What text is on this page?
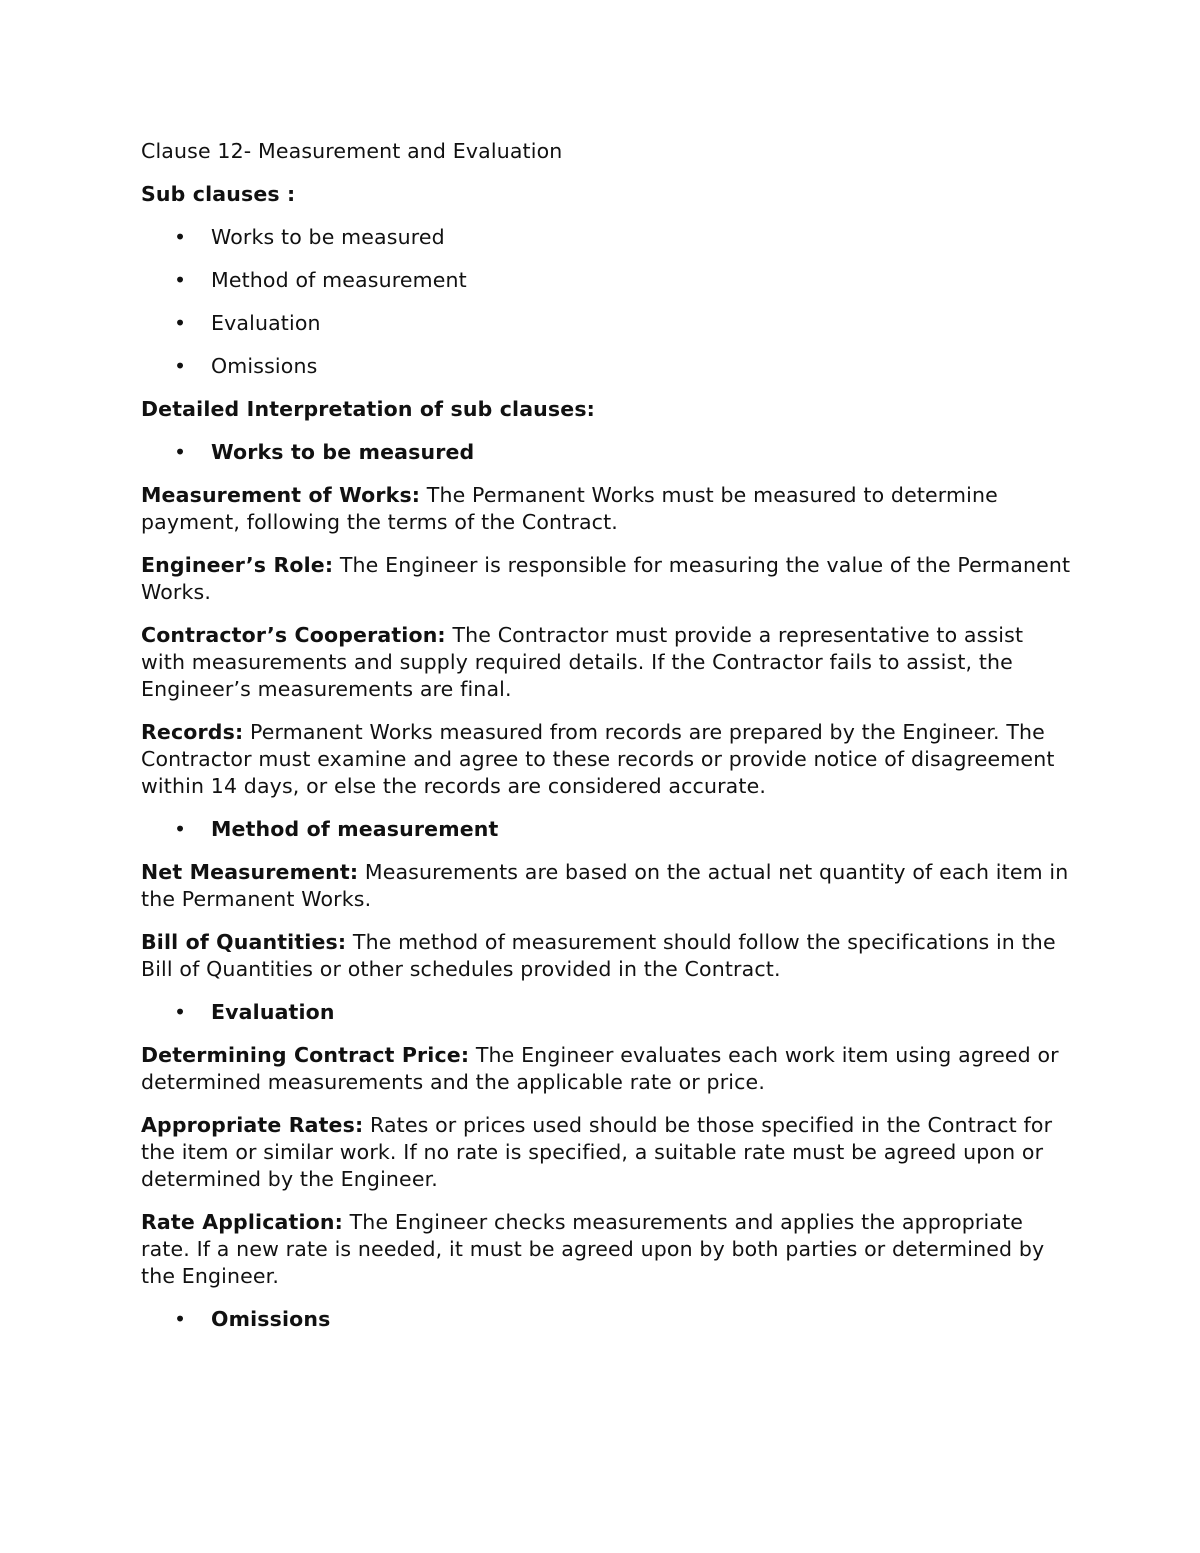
Clause 12- Measurement and Evaluation
Sub clauses :
• Works to be measured
• Method of measurement
• Evaluation
• Omissions
Detailed Interpretation of sub clauses:
• Works to be measured

Measurement of Works: The Permanent Works must be measured to determine payment, following the terms of the Contract.

Engineer’s Role: The Engineer is responsible for measuring the value of the Permanent Works.

Contractor’s Cooperation: The Contractor must provide a representative to assist with measurements and supply required details. If the Contractor fails to assist, the Engineer’s measurements are final.

Records: Permanent Works measured from records are prepared by the Engineer. The Contractor must examine and agree to these records or provide notice of disagreement within 14 days, or else the records are considered accurate.

• Method of measurement

Net Measurement: Measurements are based on the actual net quantity of each item in the Permanent Works.

Bill of Quantities: The method of measurement should follow the specifications in the Bill of Quantities or other schedules provided in the Contract.

• Evaluation

Determining Contract Price: The Engineer evaluates each work item using agreed or determined measurements and the applicable rate or price.

Appropriate Rates: Rates or prices used should be those specified in the Contract for the item or similar work. If no rate is specified, a suitable rate must be agreed upon or determined by the Engineer.

Rate Application: The Engineer checks measurements and applies the appropriate rate. If a new rate is needed, it must be agreed upon by both parties or determined by the Engineer.

• Omissions
